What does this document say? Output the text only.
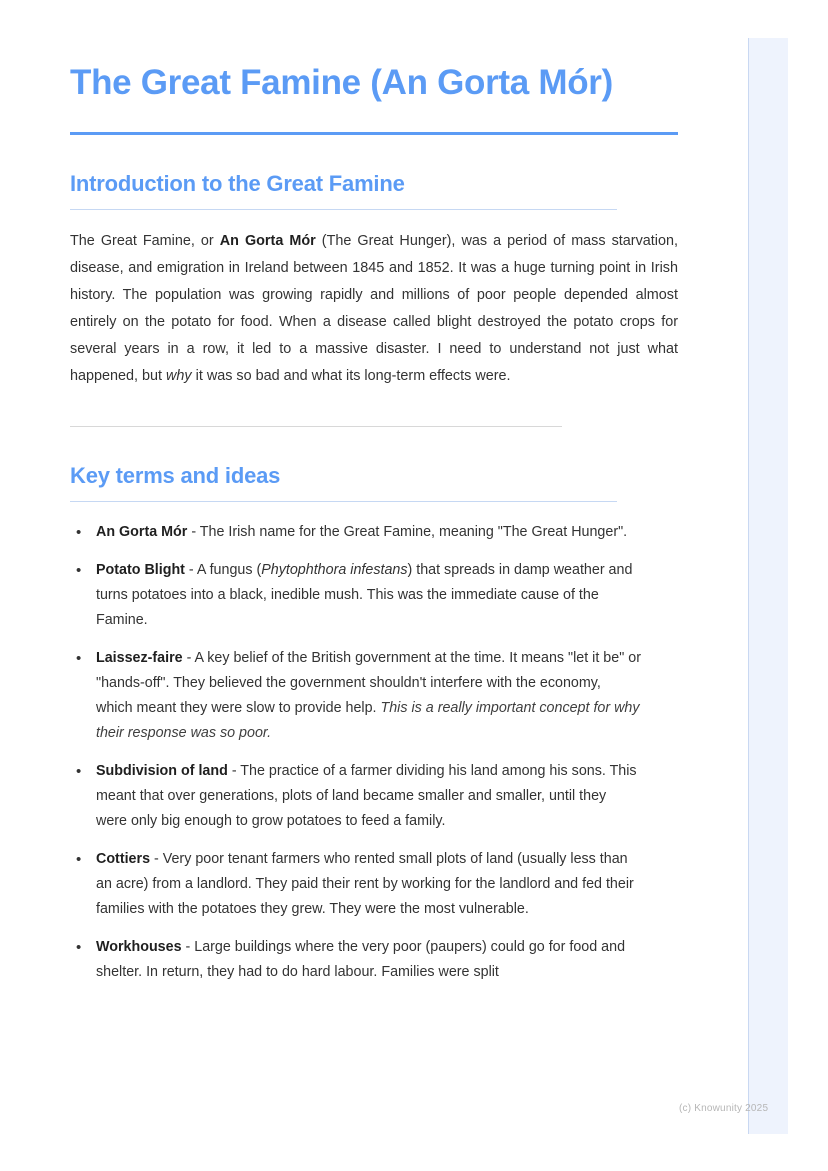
The Great Famine (An Gorta Mór)
Introduction to the Great Famine

The Great Famine, or An Gorta Mór (The Great Hunger), was a period of mass starvation, disease, and emigration in Ireland between 1845 and 1852. It was a huge turning point in Irish history. The population was growing rapidly and millions of poor people depended almost entirely on the potato for food. When a disease called blight destroyed the potato crops for several years in a row, it led to a massive disaster. I need to understand not just what happened, but why it was so bad and what its long-term effects were.

Key terms and ideas
• An Gorta Mór - The Irish name for the Great Famine, meaning "The Great Hunger".
• Potato Blight - A fungus (Phytophthora infestans) that spreads in damp weather and turns potatoes into a black, inedible mush. This was the immediate cause of the Famine.
• Laissez-faire - A key belief of the British government at the time. It means "let it be" or "hands-off". They believed the government shouldn't interfere with the economy, which meant they were slow to provide help. This is a really important concept for why their response was so poor.
• Subdivision of land - The practice of a farmer dividing his land among his sons. This meant that over generations, plots of land became smaller and smaller, until they were only big enough to grow potatoes to feed a family.
• Cottiers - Very poor tenant farmers who rented small plots of land (usually less than an acre) from a landlord. They paid their rent by working for the landlord and fed their families with the potatoes they grew. They were the most vulnerable.
• Workhouses - Large buildings where the very poor (paupers) could go for food and shelter. In return, they had to do hard labour. Families were split
(c) Knowunity 2025
